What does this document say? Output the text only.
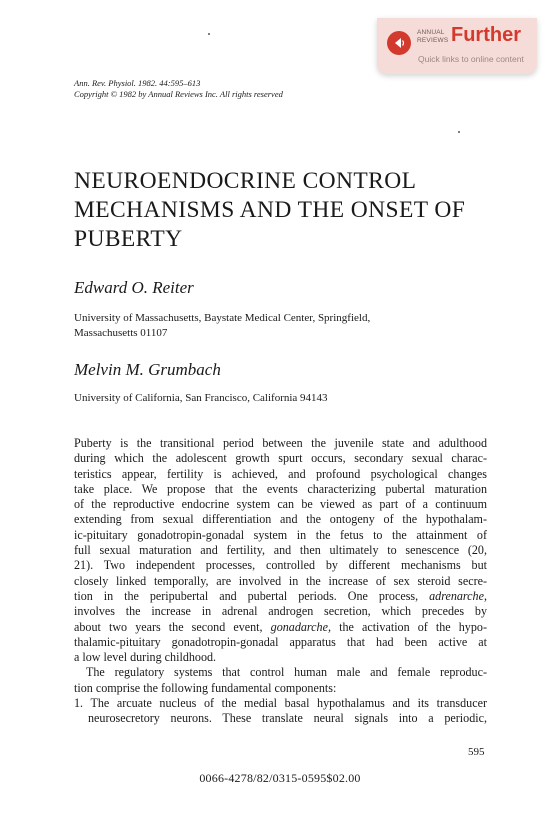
ANNUAL
REVIEWS Further
Quick links to online content
Ann. Rev. Physiol. 1982. 44:595–613
Copyright © 1982 by Annual Reviews Inc. All rights reserved
NEUROENDOCRINE CONTROL
MECHANISMS AND THE ONSET OF
PUBERTY
Edward O. Reiter
University of Massachusetts, Baystate Medical Center, Springfield,
Massachusetts 01107
Melvin M. Grumbach
University of California, San Francisco, California 94143
Puberty is the transitional period between the juvenile state and adulthood
during which the adolescent growth spurt occurs, secondary sexual charac-
teristics appear, fertility is achieved, and profound psychological changes
take place. We propose that the events characterizing pubertal maturation
of the reproductive endocrine system can be viewed as part of a continuum
extending from sexual differentiation and the ontogeny of the hypothalam-
ic-pituitary gonadotropin-gonadal system in the fetus to the attainment of
full sexual maturation and fertility, and then ultimately to senescence (20,
21). Two independent processes, controlled by different mechanisms but
closely linked temporally, are involved in the increase of sex steroid secre-
tion in the peripubertal and pubertal periods. One process, adrenarche,
involves the increase in adrenal androgen secretion, which precedes by
about two years the second event, gonadarche, the activation of the hypo-
thalamic-pituitary gonadotropin-gonadal apparatus that had been active at
a low level during childhood.
The regulatory systems that control human male and female reproduc-
tion comprise the following fundamental components:
1. The arcuate nucleus of the medial basal hypothalamus and its transducer
neurosecretory neurons. These translate neural signals into a periodic,
595
0066-4278/82/0315-0595$02.00
